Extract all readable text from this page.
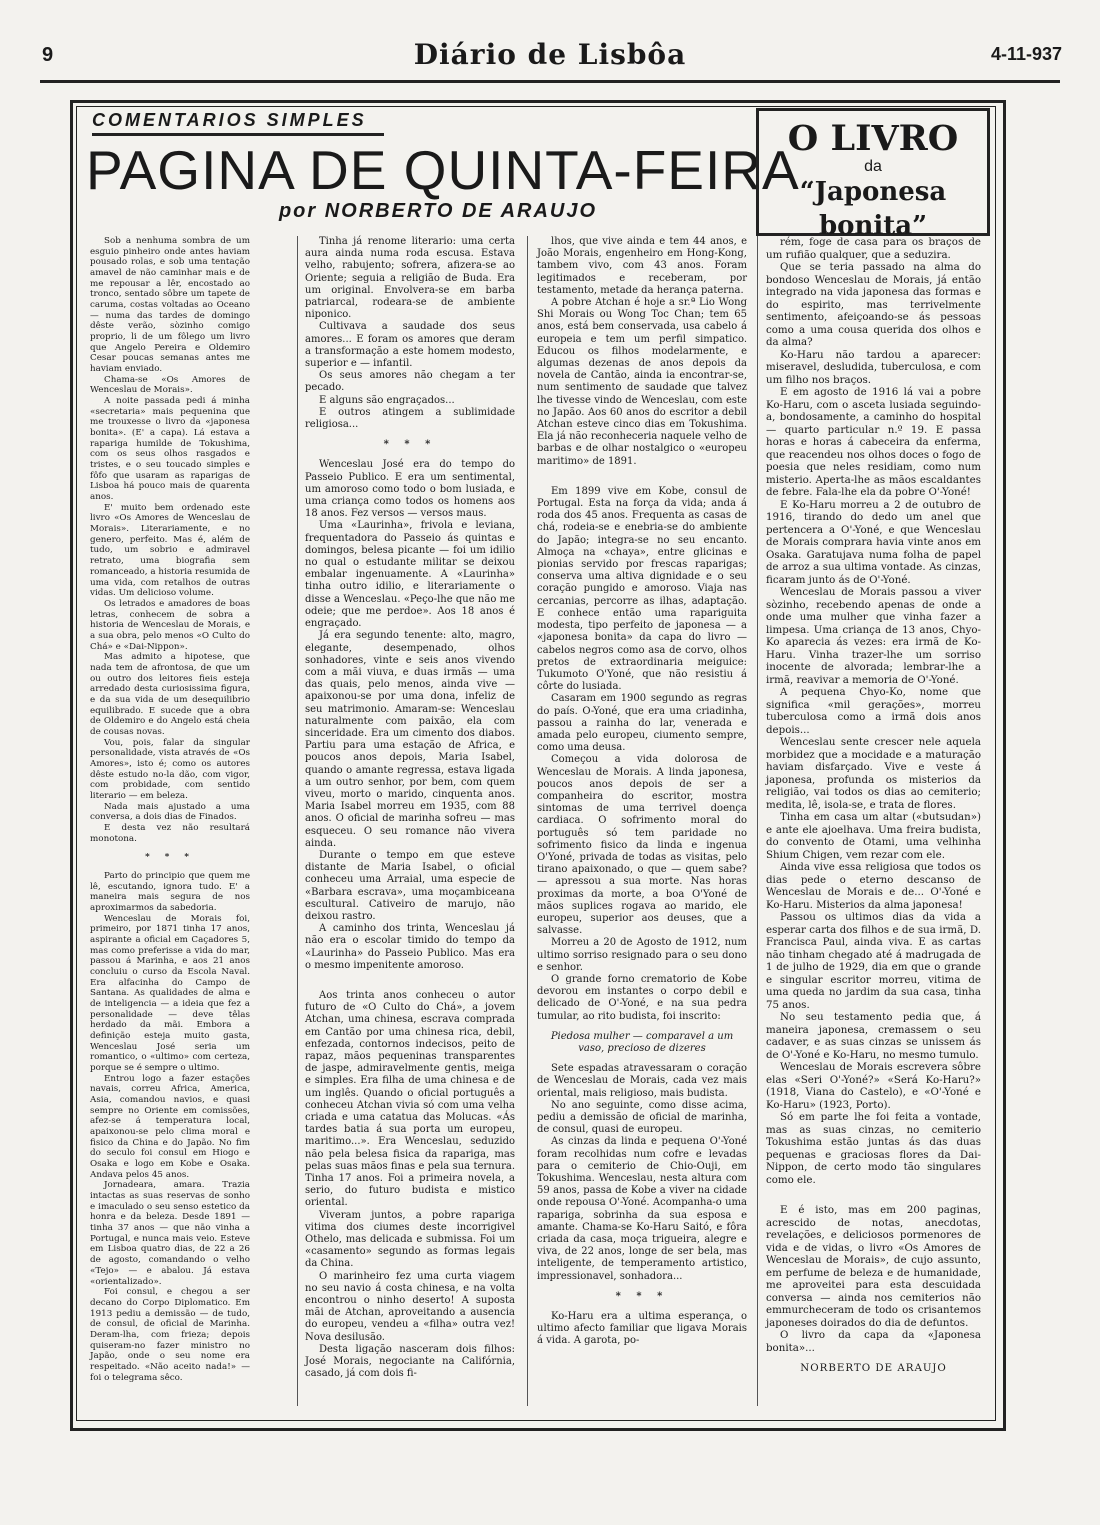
9	Diário de Lisbôa	4-11-937
COMENTARIOS SIMPLES
PAGINA DE QUINTA-FEIRA
por NORBERTO DE ARAUJO
O LIVRO
da
“Japonesa bonita”

Sob a nenhuma sombra de um esguio pinheiro onde antes haviam pousado rolas, e sob uma tentação amavel de não caminhar mais e de me repousar a lêr, encostado ao tronco, sentado sôbre um tapete de caruma, costas voltadas ao Oceano — numa das tardes de domingo dêste verão, sòzinho comigo proprio, li de um fôlego um livro que Angelo Pereira e Oldemiro Cesar poucas semanas antes me haviam enviado.

Chama-se «Os Amores de Wenceslau de Morais».

A noite passada pedi á minha «secretaria» mais pequenina que me trouxesse o livro da «japonesa bonita». (E' a capa). Lá estava a rapariga humilde de Tokushima, com os seus olhos rasgados e tristes, e o seu toucado simples e fôfo que usaram as raparigas de Lisboa há pouco mais de quarenta anos.

E' muito bem ordenado este livro «Os Amores de Wenceslau de Morais». Literariamente, e no genero, perfeito. Mas é, além de tudo, um sobrio e admiravel retrato, uma biografia sem romanceado, a historia resumida de uma vida, com retalhos de outras vidas. Um delicioso volume.

Os letrados e amadores de boas letras, conhecem de sobra a historia de Wenceslau de Morais, e a sua obra, pelo menos «O Culto do Chá» e «Dai-Nippon».

Mas admito a hipotese, que nada tem de afrontosa, de que um ou outro dos leitores fieis esteja arredado desta curiosissima figura, e da sua vida de um desequilibrio equilibrado. E sucede que a obra de Oldemiro e do Angelo está cheia de cousas novas.

Vou, pois, falar da singular personalidade, vista através de «Os Amores», isto é; como os autores dêste estudo no-la dão, com vigor, com probidade, com sentido literario — em beleza.

Nada mais ajustado a uma conversa, a dois dias de Finados.

E desta vez não resultará monotona.

* * *

Parto do principio que quem me lê, escutando, ignora tudo. E' a maneira mais segura de nos aproximarmos da sabedoria.

Wenceslau de Morais foi, primeiro, por 1871 tinha 17 anos, aspirante a oficial em Caçadores 5, mas como preferisse a vida do mar, passou á Marinha, e aos 21 anos concluiu o curso da Escola Naval. Era alfacinha do Campo de Santana. As qualidades de alma e de inteligencia — a ideia que fez a personalidade — deve têlas herdado da mãi. Embora a definição esteja muito gasta, Wenceslau José seria um romantico, o «ultimo» com certeza, porque se é sempre o ultimo.

Entrou logo a fazer estações navais, correu Africa, America, Asia, comandou navios, e quasi sempre no Oriente em comissões, afez-se á temperatura local, apaixonou-se pelo clima moral e fisico da China e do Japão. No fim do seculo foi consul em Hiogo e Osaka e logo em Kobe e Osaka. Andava pelos 45 anos.

Jornadeara, amara. Trazia intactas as suas reservas de sonho e imaculado o seu senso estetico da honra e da beleza. Desde 1891 — tinha 37 anos — que não vinha a Portugal, e nunca mais veio. Esteve em Lisboa quatro dias, de 22 a 26 de agosto, comandando o velho «Tejo» — e abalou. Já estava «orientalizado».

Foi consul, e chegou a ser decano do Corpo Diplomatico. Em 1913 pediu a demissão — de tudo, de consul, de oficial de Marinha. Deram-lha, com frieza; depois quiseram-no fazer ministro no Japão, onde o seu nome era respeitado. «Não aceito nada!» — foi o telegrama sêco.

Tinha já renome literario: uma certa aura ainda numa roda escusa. Estava velho, rabujento; sofrera, afizera-se ao Oriente; seguia a religião de Buda. Era um original. Envolvera-se em barba patriarcal, rodeara-se de ambiente niponico.

Cultivava a saudade dos seus amores... E foram os amores que deram a transformação a este homem modesto, superior e — infantil.

Os seus amores não chegam a ter pecado.

E alguns são engraçados...

E outros atingem a sublimidade religiosa...

* * *

Wenceslau José era do tempo do Passeio Publico. E era um sentimental, um amoroso como todo o bom lusiada, e uma criança como todos os homens aos 18 anos. Fez versos — versos maus.

Uma «Laurinha», frivola e leviana, frequentadora do Passeio ás quintas e domingos, belesa picante — foi um idilio no qual o estudante militar se deixou embalar ingenuamente. A «Laurinha» tinha outro idilio, e literariamente o disse a Wenceslau. «Peço-lhe que não me odeie; que me perdoe». Aos 18 anos é engraçado.

Já era segundo tenente: alto, magro, elegante, desempenado, olhos sonhadores, vinte e seis anos vivendo com a mãi viuva, e duas irmãs — uma das quais, pelo menos, ainda vive — apaixonou-se por uma dona, infeliz de seu matrimonio. Amaram-se: Wenceslau naturalmente com paixão, ela com sinceridade. Era um cimento dos diabos. Partiu para uma estação de Africa, e poucos anos depois, Maria Isabel, quando o amante regressa, estava ligada a um outro senhor, por bem, com quem viveu, morto o marido, cinquenta anos. Maria Isabel morreu em 1935, com 88 anos. O oficial de marinha sofreu — mas esqueceu. O seu romance não vivera ainda.

Durante o tempo em que esteve distante de Maria Isabel, o oficial conheceu uma Arraial, uma especie de «Barbara escrava», uma moçambiceana escultural. Cativeiro de marujo, não deixou rastro.

A caminho dos trinta, Wenceslau já não era o escolar timido do tempo da «Laurinha» do Passeio Publico. Mas era o mesmo impenitente amoroso.

Aos trinta anos conheceu o autor futuro de «O Culto do Chá», a jovem Atchan, uma chinesa, escrava comprada em Cantão por uma chinesa rica, debil, enfezada, contornos indecisos, peito de rapaz, mãos pequeninas transparentes de jaspe, admiravelmente gentis, meiga e simples. Era filha de uma chinesa e de um inglês. Quando o oficial português a conheceu Atchan vivia só com uma velha criada e uma catatua das Molucas. «Ás tardes batia á sua porta um europeu, maritimo...». Era Wenceslau, seduzido não pela belesa fisica da rapariga, mas pelas suas mãos finas e pela sua ternura. Tinha 17 anos. Foi a primeira novela, a serio, do futuro budista e mistico oriental.

Viveram juntos, a pobre rapariga vitima dos ciumes deste incorrigivel Othelo, mas delicada e submissa. Foi um «casamento» segundo as formas legais da China.

O marinheiro fez uma curta viagem no seu navio á costa chinesa, e na volta encontrou o ninho deserto! A suposta mãi de Atchan, aproveitando a ausencia do europeu, vendeu a «filha» outra vez! Nova desilusão.

Desta ligação nasceram dois filhos: José Morais, negociante na Califórnia, casado, já com dois fi-

lhos, que vive ainda e tem 44 anos, e João Morais, engenheiro em Hong-Kong, tambem vivo, com 43 anos. Foram legitimados e receberam, por testamento, metade da herança paterna.

A pobre Atchan é hoje a sr.ª Lio Wong Shi Morais ou Wong Toc Chan; tem 65 anos, está bem conservada, usa cabelo á europeia e tem um perfil simpatico. Educou os filhos modelarmente, e algumas dezenas de anos depois da novela de Cantão, ainda ia encontrar-se, num sentimento de saudade que talvez lhe tivesse vindo de Wenceslau, com este no Japão. Aos 60 anos do escritor a debil Atchan esteve cinco dias em Tokushima. Ela já não reconheceria naquele velho de barbas e de olhar nostalgico o «europeu maritimo» de 1891.

Em 1899 vive em Kobe, consul de Portugal. Esta na força da vida; anda á roda dos 45 anos. Frequenta as casas de chá, rodeia-se e enebria-se do ambiente do Japão; integra-se no seu encanto. Almoça na «chaya», entre glicinas e pionias servido por frescas raparigas; conserva uma altiva dignidade e o seu coração pungido e amoroso. Viaja nas cercanias, percorre as ilhas, adaptação. E conhece então uma rapariguita modesta, tipo perfeito de japonesa — a «japonesa bonita» da capa do livro — cabelos negros como asa de corvo, olhos pretos de extraordinaria meiguice: Tukumoto O'Yoné, que não resistiu á côrte do lusiada.

Casaram em 1900 segundo as regras do país. O-Yoné, que era uma criadinha, passou a rainha do lar, venerada e amada pelo europeu, ciumento sempre, como uma deusa.

Começou a vida dolorosa de Wenceslau de Morais. A linda japonesa, poucos anos depois de ser a companheira do escritor, mostra sintomas de uma terrivel doença cardiaca. O sofrimento moral do português só tem paridade no sofrimento fisico da linda e ingenua O'Yoné, privada de todas as visitas, pelo tirano apaixonado, o que — quem sabe? — apressou a sua morte. Nas horas proximas da morte, a boa O'Yoné de mãos suplices rogava ao marido, ele europeu, superior aos deuses, que a salvasse.

Morreu a 20 de Agosto de 1912, num ultimo sorriso resignado para o seu dono e senhor.

O grande forno crematorio de Kobe devorou em instantes o corpo debil e delicado de O'-Yoné, e na sua pedra tumular, ao rito budista, foi inscrito:

Piedosa mulher — comparavel a um vaso, precioso de dizeres

Sete espadas atravessaram o coração de Wenceslau de Morais, cada vez mais oriental, mais religioso, mais budista.

No ano seguinte, como disse acima, pediu a demissão de oficial de marinha, de consul, quasi de europeu.

As cinzas da linda e pequena O'-Yoné foram recolhidas num cofre e levadas para o cemiterio de Chio-Ouji, em Tokushima. Wenceslau, nesta altura com 59 anos, passa de Kobe a viver na cidade onde repousa O'-Yoné. Acompanha-o uma rapariga, sobrinha da sua esposa e amante. Chama-se Ko-Haru Saitó, e fôra criada da casa, moça trigueira, alegre e viva, de 22 anos, longe de ser bela, mas inteligente, de temperamento artistico, impressionavel, sonhadora...

* * *

Ko-Haru era a ultima esperança, o ultimo afecto familiar que ligava Morais á vida. A garota, po-

rém, foge de casa para os braços de um rufião qualquer, que a seduzira.

Que se teria passado na alma do bondoso Wenceslau de Morais, já então integrado na vida japonesa das formas e do espirito, mas terrivelmente sentimento, afeiçoando-se ás pessoas como a uma cousa querida dos olhos e da alma?

Ko-Haru não tardou a aparecer: miseravel, desludida, tuberculosa, e com um filho nos braços.

E em agosto de 1916 lá vai a pobre Ko-Haru, com o asceta lusiada seguindo-a, bondosamente, a caminho do hospital — quarto particular n.º 19. E passa horas e horas á cabeceira da enferma, que reacendeu nos olhos doces o fogo de poesia que neles residiam, como num misterio. Aperta-lhe as mãos escaldantes de febre. Fala-lhe ela da pobre O'-Yoné!

E Ko-Haru morreu a 2 de outubro de 1916, tirando do dedo um anel que pertencera a O'-Yoné, e que Wenceslau de Morais comprara havia vinte anos em Osaka. Garatujava numa folha de papel de arroz a sua ultima vontade. As cinzas, ficaram junto ás de O'-Yoné.

Wenceslau de Morais passou a viver sòzinho, recebendo apenas de onde a onde uma mulher que vinha fazer a limpesa. Uma criança de 13 anos, Chyo-Ko aparecia ás vezes: era irmã de Ko-Haru. Vinha trazer-lhe um sorriso inocente de alvorada; lembrar-lhe a irmã, reavivar a memoria de O'-Yoné.

A pequena Chyo-Ko, nome que significa «mil gerações», morreu tuberculosa como a irmã dois anos depois...

Wenceslau sente crescer nele aquela morbidez que a mocidade e a maturação haviam disfarçado. Vive e veste á japonesa, profunda os misterios da religião, vai todos os dias ao cemiterio; medita, lê, isola-se, e trata de flores.

Tinha em casa um altar («butsudan») e ante ele ajoelhava. Uma freira budista, do convento de Otami, uma velhinha Shium Chigen, vem rezar com ele.

Ainda vive essa religiosa que todos os dias pede o eterno descanso de Wenceslau de Morais e de... O'-Yoné e Ko-Haru. Misterios da alma japonesa!

Passou os ultimos dias da vida a esperar carta dos filhos e de sua irmã, D. Francisca Paul, ainda viva. E as cartas não tinham chegado até á madrugada de 1 de julho de 1929, dia em que o grande e singular escritor morreu, vitima de uma queda no jardim da sua casa, tinha 75 anos.

No seu testamento pedia que, á maneira japonesa, cremassem o seu cadaver, e as suas cinzas se unissem ás de O'-Yoné e Ko-Haru, no mesmo tumulo.

Wenceslau de Morais escrevera sôbre elas «Seri O'-Yoné?» «Será Ko-Haru?» (1918, Viana do Castelo), e «O'-Yoné e Ko-Haru» (1923, Porto).

Só em parte lhe foi feita a vontade, mas as suas cinzas, no cemiterio Tokushima estão juntas ás das duas pequenas e graciosas flores da Dai-Nippon, de certo modo tão singulares como ele.

E é isto, mas em 200 paginas, acrescido de notas, anecdotas, revelações, e deliciosos pormenores de vida e de vidas, o livro «Os Amores de Wenceslau de Morais», de cujo assunto, em perfume de beleza e de humanidade, me aproveitei para esta descuidada conversa — ainda nos cemiterios não emmurcheceram de todo os crisantemos japoneses doirados do dia de defuntos.

O livro da capa da «Japonesa bonita»...

NORBERTO DE ARAUJO
